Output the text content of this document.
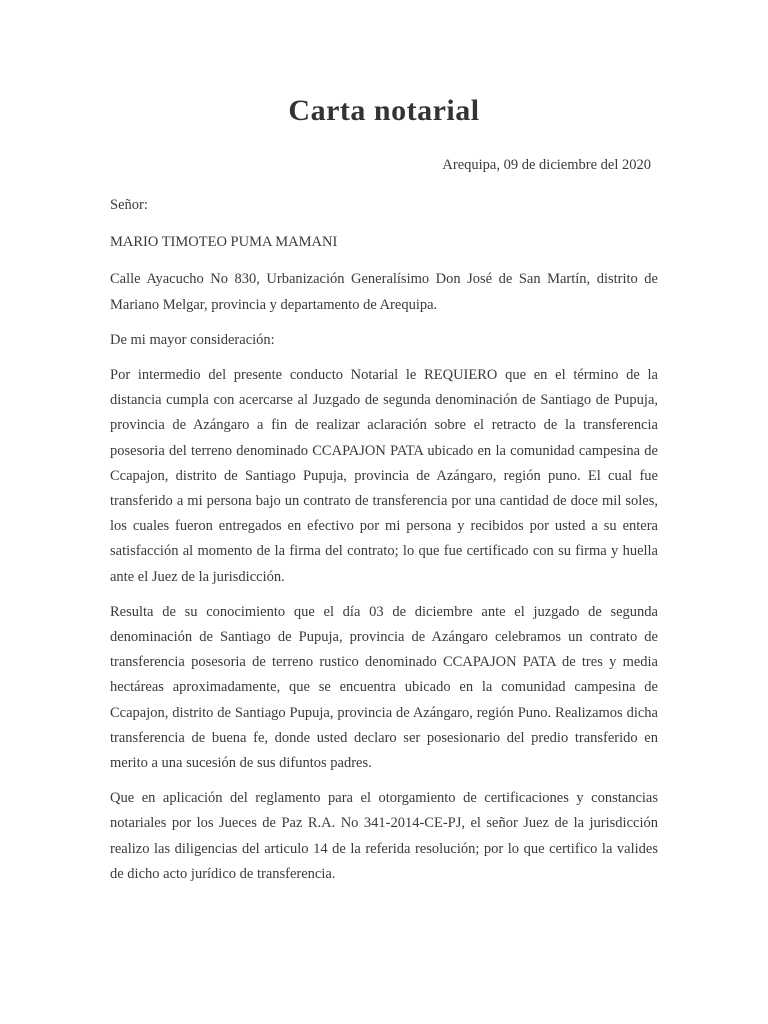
Carta notarial
Arequipa, 09 de diciembre del 2020

Señor:

MARIO TIMOTEO PUMA MAMANI

Calle Ayacucho No 830, Urbanización Generalísimo Don José de San Martín, distrito de Mariano Melgar, provincia y departamento de Arequipa.

De mi mayor consideración:

Por intermedio del presente conducto Notarial le REQUIERO que en el término de la distancia cumpla con acercarse al Juzgado de segunda denominación de Santiago de Pupuja, provincia de Azángaro a fin de realizar aclaración sobre el retracto de la transferencia posesoria del terreno denominado CCAPAJON PATA ubicado en la comunidad campesina de Ccapajon, distrito de Santiago Pupuja, provincia de Azángaro, región puno. El cual fue transferido a mi persona bajo un contrato de transferencia por una cantidad de doce mil soles, los cuales fueron entregados en efectivo por mi persona y recibidos por usted a su entera satisfacción al momento de la firma del contrato; lo que fue certificado con su firma y huella ante el Juez de la jurisdicción.

Resulta de su conocimiento que el día 03 de diciembre ante el juzgado de segunda denominación de Santiago de Pupuja, provincia de Azángaro celebramos un contrato de transferencia posesoria de terreno rustico denominado CCAPAJON PATA de tres y media hectáreas aproximadamente, que se encuentra ubicado en la comunidad campesina de Ccapajon, distrito de Santiago Pupuja, provincia de Azángaro, región Puno. Realizamos dicha transferencia de buena fe, donde usted declaro ser posesionario del predio transferido en merito a una sucesión de sus difuntos padres.

Que en aplicación del reglamento para el otorgamiento de certificaciones y constancias notariales por los Jueces de Paz R.A. No 341-2014-CE-PJ, el señor Juez de la jurisdicción realizo las diligencias del articulo 14 de la referida resolución; por lo que certifico la valides de dicho acto jurídico de transferencia.
